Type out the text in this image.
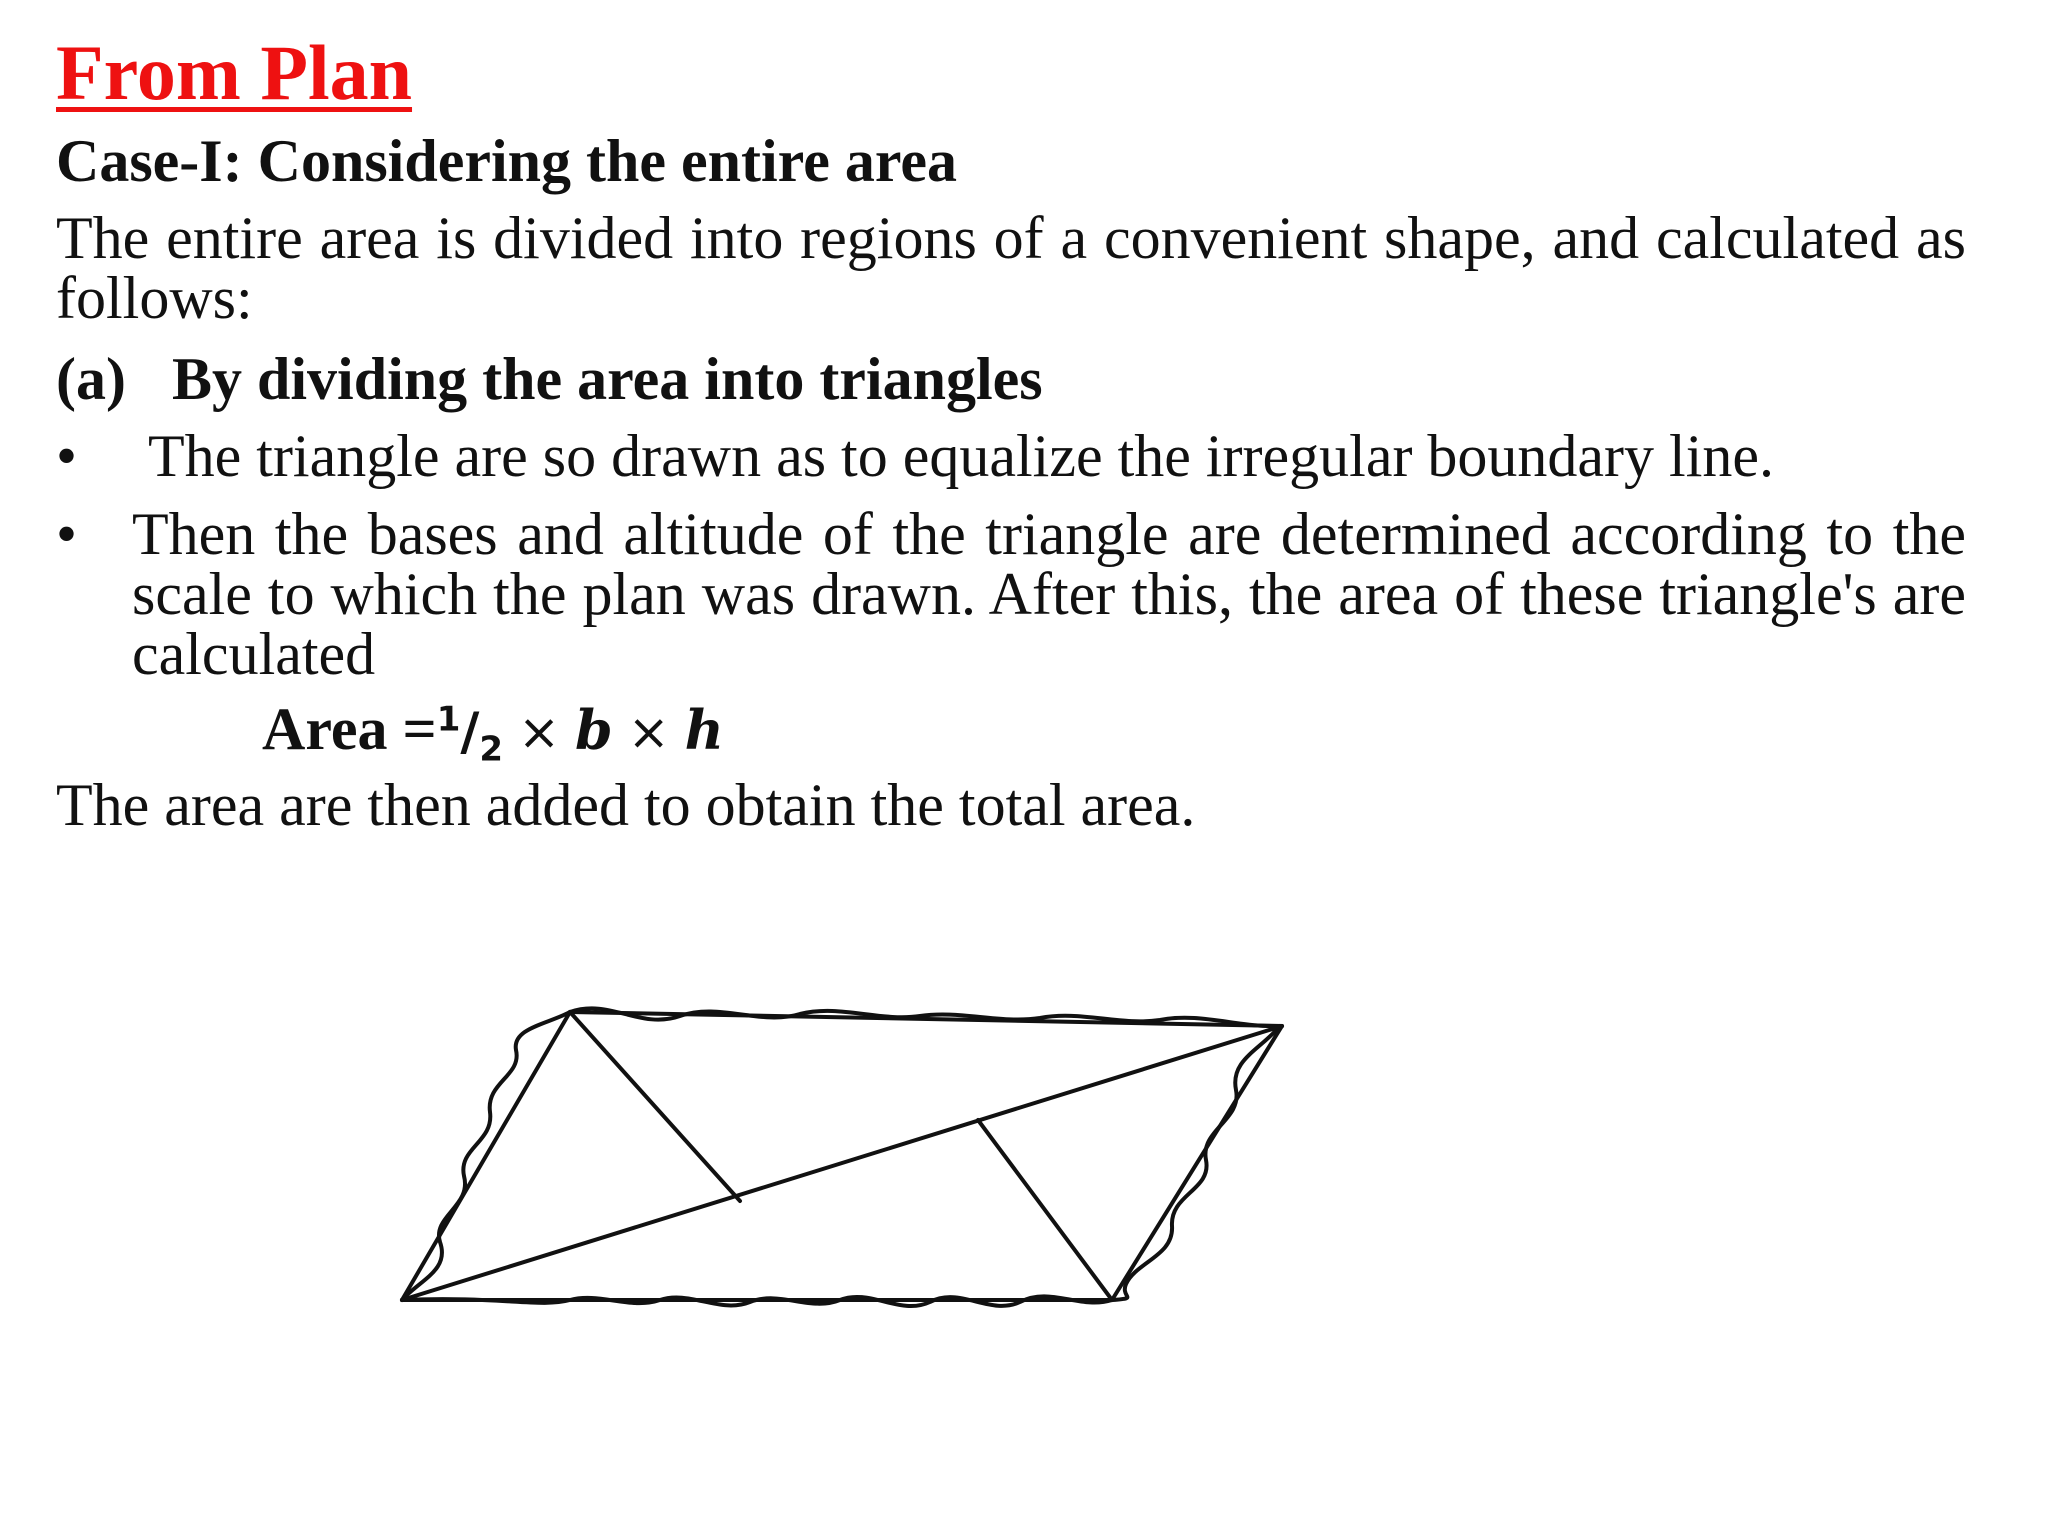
From Plan
Case-I: Considering the entire area
The entire area is divided into regions of a convenient shape, and calculated as follows:
(a) By dividing the area into triangles
• The triangle are so drawn as to equalize the irregular boundary line.
• Then the bases and altitude of the triangle are determined according to the scale to which the plan was drawn. After this, the area of these triangle's are calculated
Area $=^1/_2 \times b \times h$
The area are then added to obtain the total area.
